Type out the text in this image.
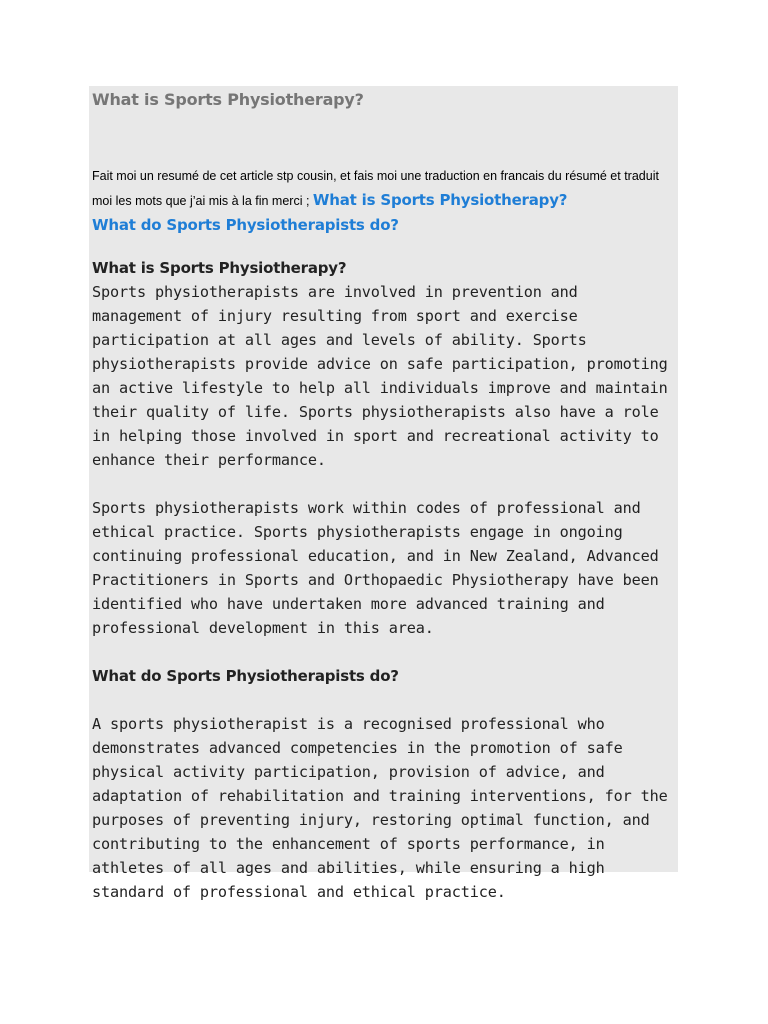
What is Sports Physiotherapy?

Fait moi un resumé de cet article stp cousin, et fais moi une traduction en francais du résumé et traduit moi les mots que j’ai mis à la fin merci ; What is Sports Physiotherapy?
What do Sports Physiotherapists do?

What is Sports Physiotherapy?

Sports physiotherapists are involved in prevention and management of injury resulting from sport and exercise participation at all ages and levels of ability. Sports physiotherapists provide advice on safe participation, promoting an active lifestyle to help all individuals improve and maintain their quality of life. Sports physiotherapists also have a role in helping those involved in sport and recreational activity to enhance their performance.

Sports physiotherapists work within codes of professional and ethical practice. Sports physiotherapists engage in ongoing continuing professional education, and in New Zealand, Advanced Practitioners in Sports and Orthopaedic Physiotherapy have been identified who have undertaken more advanced training and professional development in this area.

What do Sports Physiotherapists do?

A sports physiotherapist is a recognised professional who demonstrates advanced competencies in the promotion of safe physical activity participation, provision of advice, and adaptation of rehabilitation and training interventions, for the purposes of preventing injury, restoring optimal function, and contributing to the enhancement of sports performance, in athletes of all ages and abilities, while ensuring a high standard of professional and ethical practice.
